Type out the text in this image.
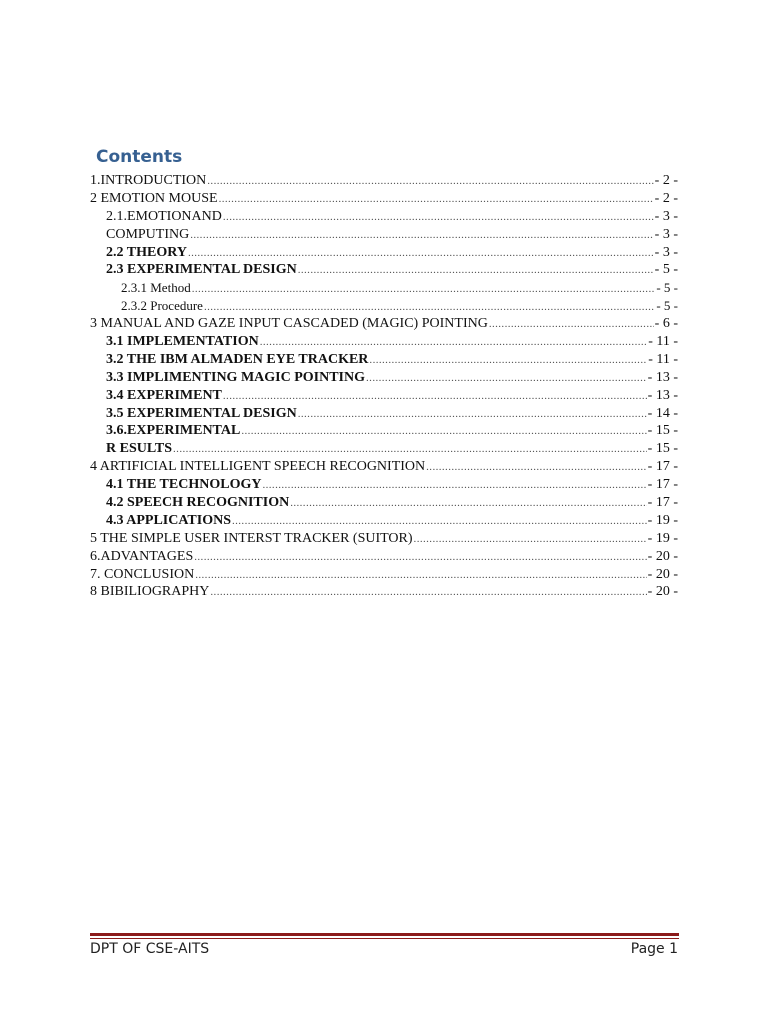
Contents
1.INTRODUCTION .....	- 2 -
2 EMOTION MOUSE .....	- 2 -
2.1.EMOTIONAND .....	- 3 -
COMPUTING .....	- 3 -
2.2 THEORY .....	- 3 -
2.3 EXPERIMENTAL DESIGN .....	- 5 -
2.3.1 Method .....	- 5 -
2.3.2 Procedure .....	- 5 -
3 MANUAL AND GAZE INPUT CASCADED (MAGIC) POINTING .....	- 6 -
3.1 IMPLEMENTATION .....	- 11 -
3.2 THE IBM ALMADEN EYE TRACKER .....	- 11 -
3.3 IMPLIMENTING MAGIC POINTING .....	- 13 -
3.4 EXPERIMENT .....	- 13 -
3.5 EXPERIMENTAL DESIGN .....	- 14 -
3.6.EXPERIMENTAL .....	- 15 -
R ESULTS .....	- 15 -
4 ARTIFICIAL INTELLIGENT SPEECH RECOGNITION .....	- 17 -
4.1 THE TECHNOLOGY .....	- 17 -
4.2 SPEECH RECOGNITION .....	- 17 -
4.3 APPLICATIONS .....	- 19 -
5 THE SIMPLE USER INTERST TRACKER (SUITOR) .....	- 19 -
6.ADVANTAGES .....	- 20 -
7. CONCLUSION .....	- 20 -
8 BIBILIOGRAPHY .....	- 20 -
DPT OF CSE-AITS	Page 1
